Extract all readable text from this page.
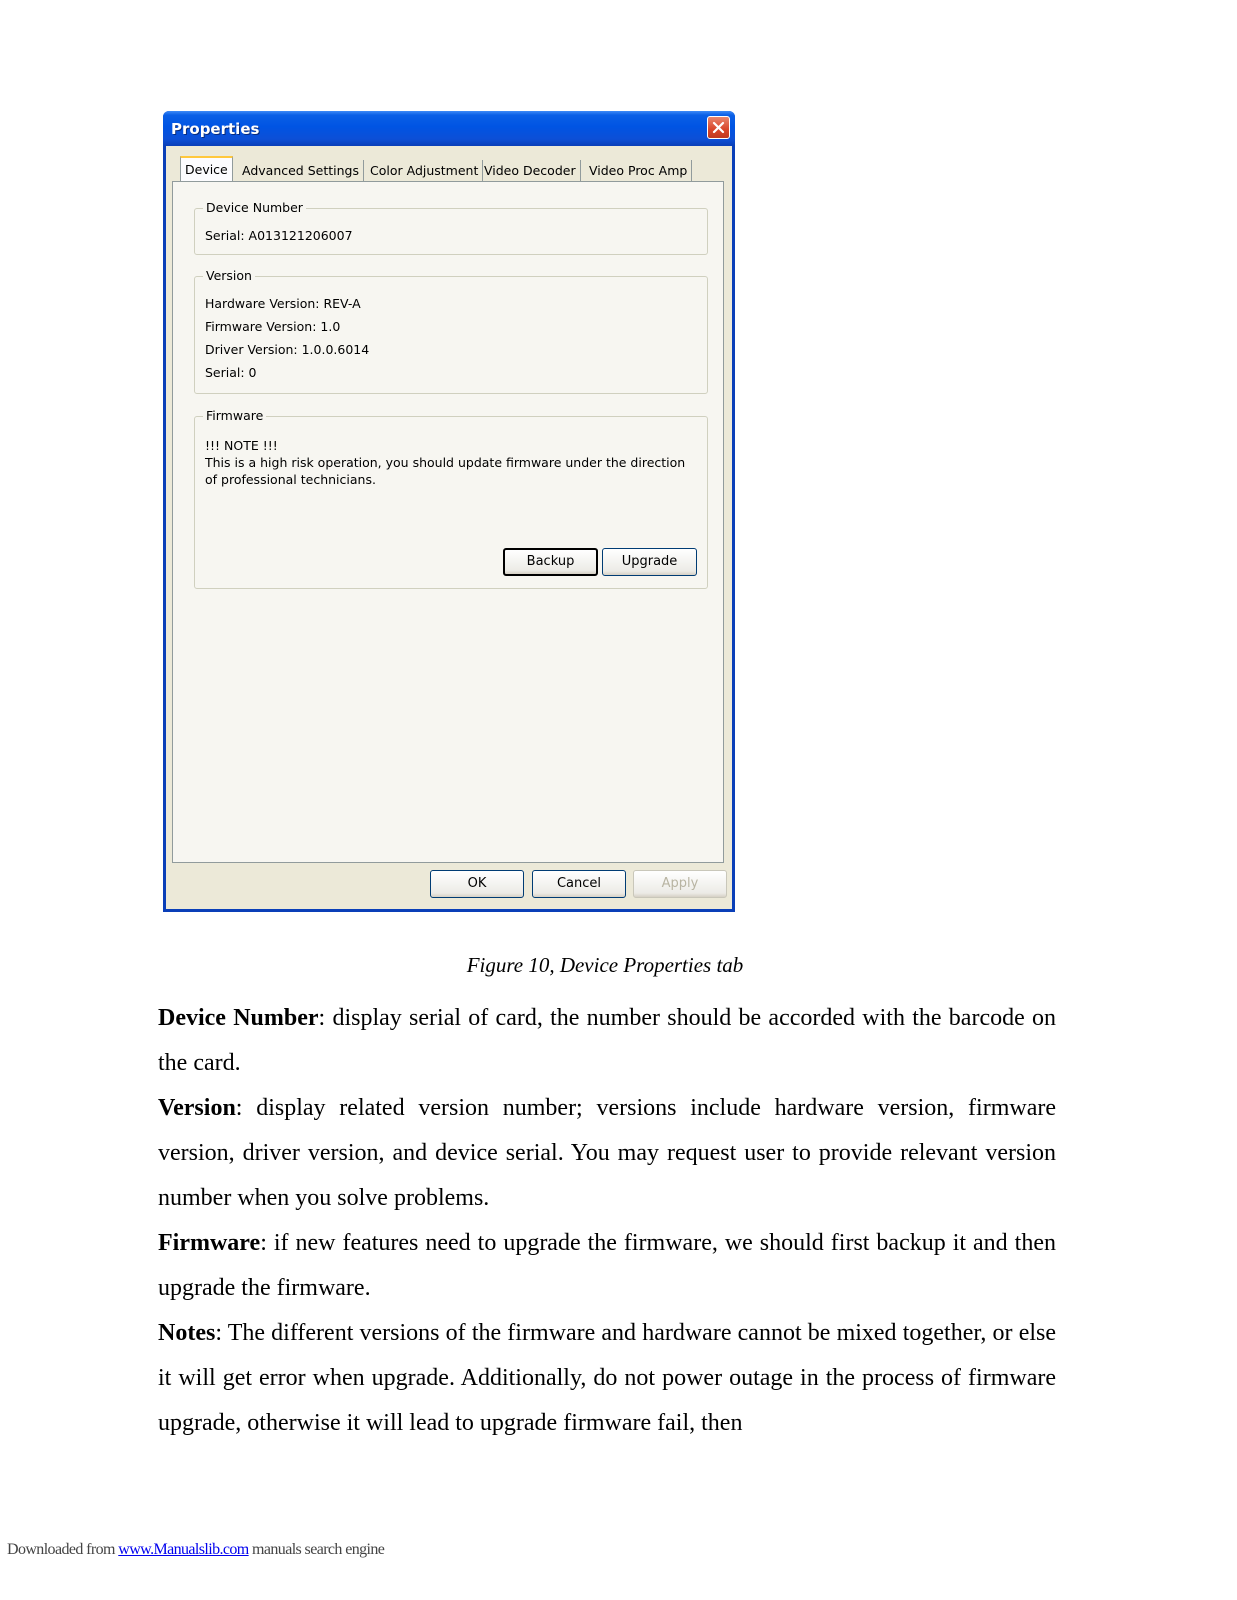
Properties
Advanced Settings Color Adjustment Video Decoder	Video Proc Amp
Device
Device Number
Serial: A013121206007
Version
Hardware Version: REV-A
Firmware Version: 1.0
Driver Version: 1.0.0.6014
Serial: 0
Firmware
!!! NOTE !!!
This is a high risk operation, you should update firmware under the direction of professional technicians.
Backup	Upgrade
OK	Cancel	Apply
Figure 10, Device Properties tab
Device Number: display serial of card, the number should be accorded with the barcode on the card.
Version: display related version number; versions include hardware version, firmware version, driver version, and device serial. You may request user to provide relevant version number when you solve problems.
Firmware: if new features need to upgrade the firmware, we should first backup it and then upgrade the firmware.
Notes: The different versions of the firmware and hardware cannot be mixed together, or else it will get error when upgrade. Additionally, do not power outage in the process of firmware upgrade, otherwise it will lead to upgrade firmware fail, then
Downloaded from www.Manualslib.com manuals search engine
